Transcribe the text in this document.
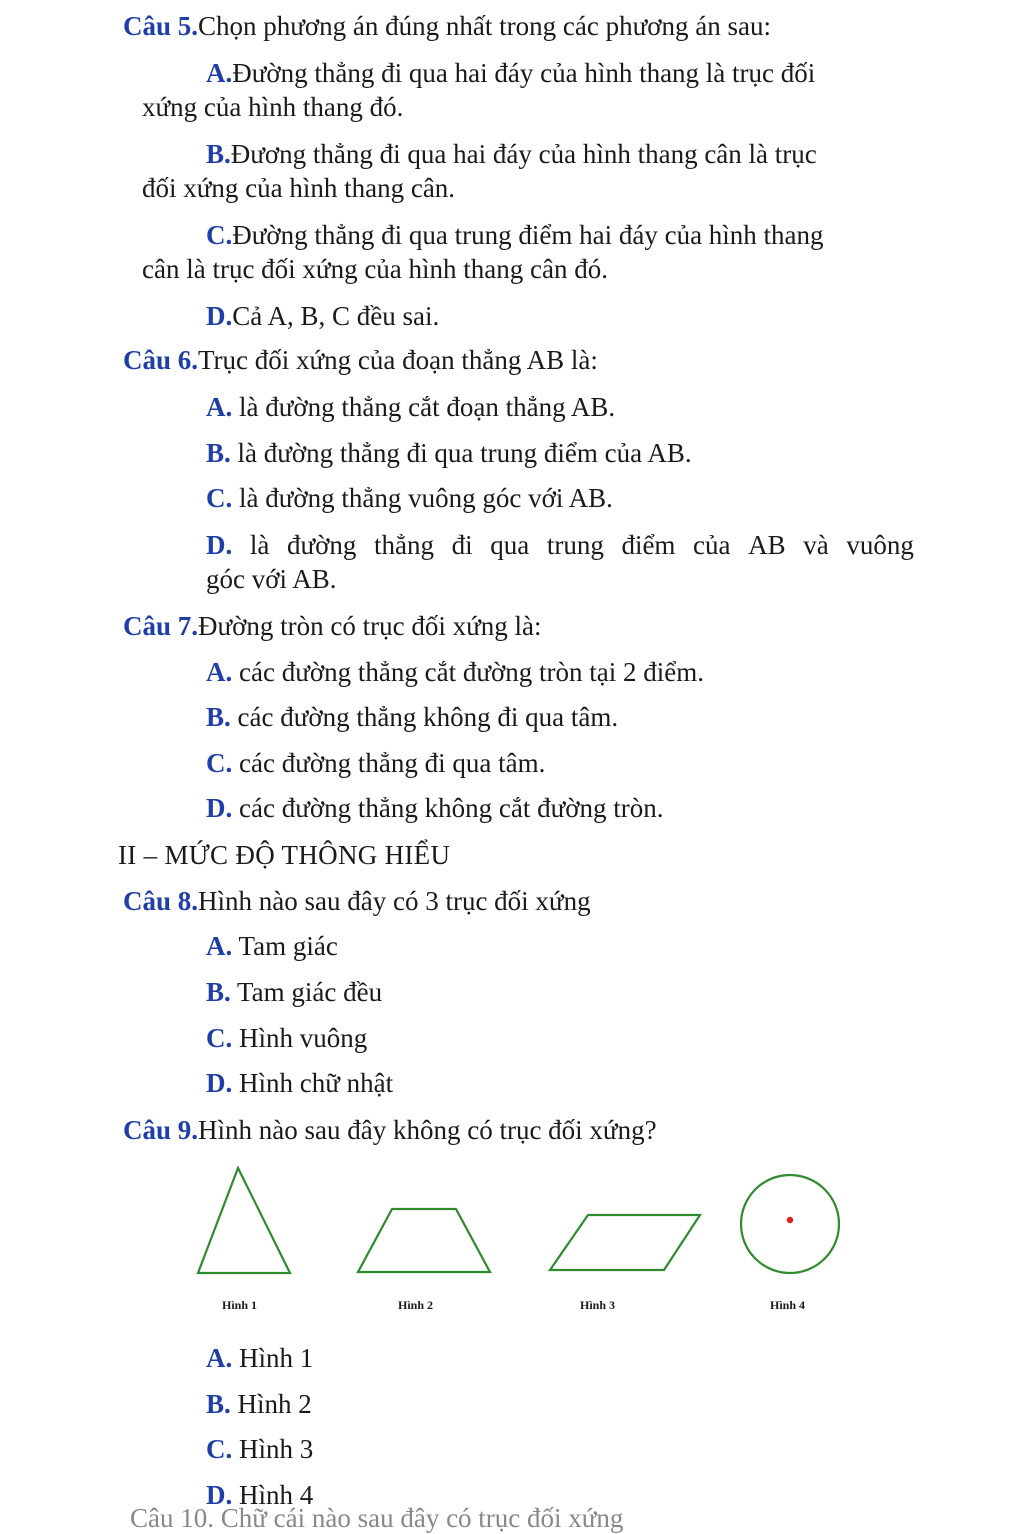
Câu 5.Chọn phương án đúng nhất trong các phương án sau:
A.Đường thẳng đi qua hai đáy của hình thang là trục đối
xứng của hình thang đó.
B.Đương thẳng đi qua hai đáy của hình thang cân là trục
đối xứng của hình thang cân.
C.Đường thẳng đi qua trung điểm hai đáy của hình thang
cân là trục đối xứng của hình thang cân đó.
D.Cả A, B, C đều sai.
Câu 6.Trục đối xứng của đoạn thẳng AB là:
A. là đường thẳng cắt đoạn thẳng AB.
B. là đường thẳng đi qua trung điểm của AB.
C. là đường thẳng vuông góc với AB.
D. là đường thẳng đi qua trung điểm của AB và vuông
góc với AB.
Câu 7.Đường tròn có trục đối xứng là:
A. các đường thẳng cắt đường tròn tại 2 điểm.
B. các đường thẳng không đi qua tâm.
C. các đường thẳng đi qua tâm.
D. các đường thẳng không cắt đường tròn.
II – MỨC ĐỘ THÔNG HIỂU
Câu 8.Hình nào sau đây có 3 trục đối xứng
A. Tam giác
B. Tam giác đều
C. Hình vuông
D. Hình chữ nhật
Câu 9.Hình nào sau đây không có trục đối xứng?
Hình 1	Hình 2	Hình 3	Hình 4
A. Hình 1
B. Hình 2
C. Hình 3
D. Hình 4
Câu 10. Chữ cái nào sau đây có trục đối xứng
